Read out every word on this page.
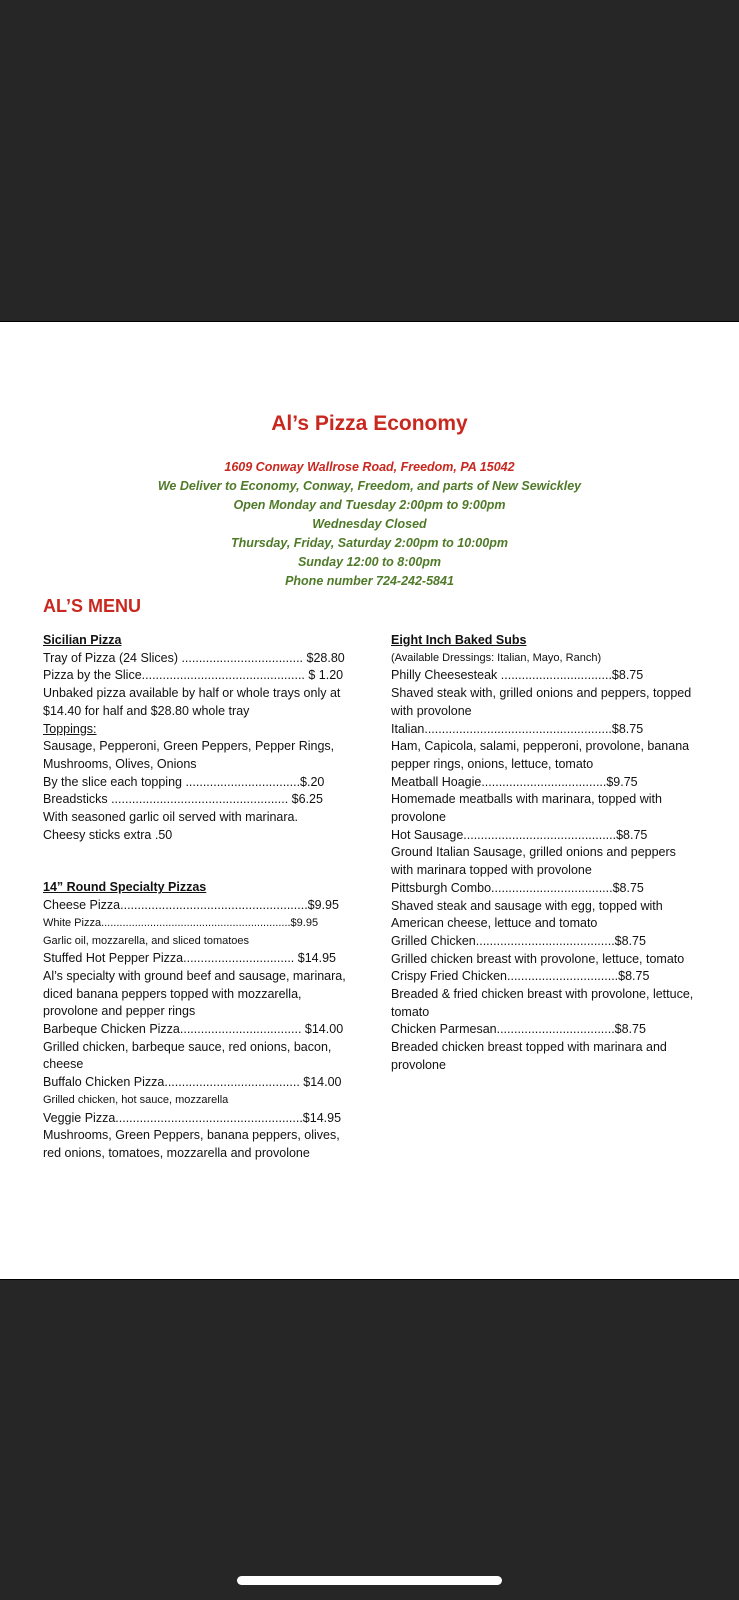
Al’s Pizza Economy
1609 Conway Wallrose Road, Freedom, PA 15042
We Deliver to Economy, Conway, Freedom, and parts of New Sewickley
Open Monday and Tuesday 2:00pm to 9:00pm
Wednesday Closed
Thursday, Friday, Saturday 2:00pm to 10:00pm
Sunday 12:00 to 8:00pm
Phone number 724-242-5841
AL’S MENU
Sicilian Pizza
Tray of Pizza (24 Slices) ................................... $28.80
Pizza by the Slice............................................... $ 1.20
Unbaked pizza available by half or whole trays only at $14.40 for half and $28.80 whole tray
Toppings:
Sausage, Pepperoni, Green Peppers, Pepper Rings, Mushrooms, Olives, Onions
By the slice each topping .................................$.20
Breadsticks ................................................... $6.25
With seasoned garlic oil served with marinara.
Cheesy sticks extra .50
14” Round Specialty Pizzas
Cheese Pizza......................................................$9.95
White Pizza..............................................................$9.95
Garlic oil, mozzarella, and sliced tomatoes
Stuffed Hot Pepper Pizza................................ $14.95
Al’s specialty with ground beef and sausage, marinara, diced banana peppers topped with mozzarella, provolone and pepper rings
Barbeque Chicken Pizza................................... $14.00
Grilled chicken, barbeque sauce, red onions, bacon, cheese
Buffalo Chicken Pizza....................................... $14.00
Grilled chicken, hot sauce, mozzarella
Veggie Pizza......................................................$14.95
Mushrooms, Green Peppers, banana peppers, olives, red onions, tomatoes, mozzarella and provolone
Eight Inch Baked Subs
(Available Dressings: Italian, Mayo, Ranch)
Philly Cheesesteak ................................$8.75
Shaved steak with, grilled onions and peppers, topped with provolone
Italian......................................................$8.75
Ham, Capicola, salami, pepperoni, provolone, banana pepper rings, onions, lettuce, tomato
Meatball Hoagie....................................$9.75
Homemade meatballs with marinara, topped with provolone
Hot Sausage............................................$8.75
Ground Italian Sausage, grilled onions and peppers with marinara topped with provolone
Pittsburgh Combo...................................$8.75
Shaved steak and sausage with egg, topped with American cheese, lettuce and tomato
Grilled Chicken........................................$8.75
Grilled chicken breast with provolone, lettuce, tomato
Crispy Fried Chicken................................$8.75
Breaded & fried chicken breast with provolone, lettuce, tomato
Chicken Parmesan..................................$8.75
Breaded chicken breast topped with marinara and provolone
